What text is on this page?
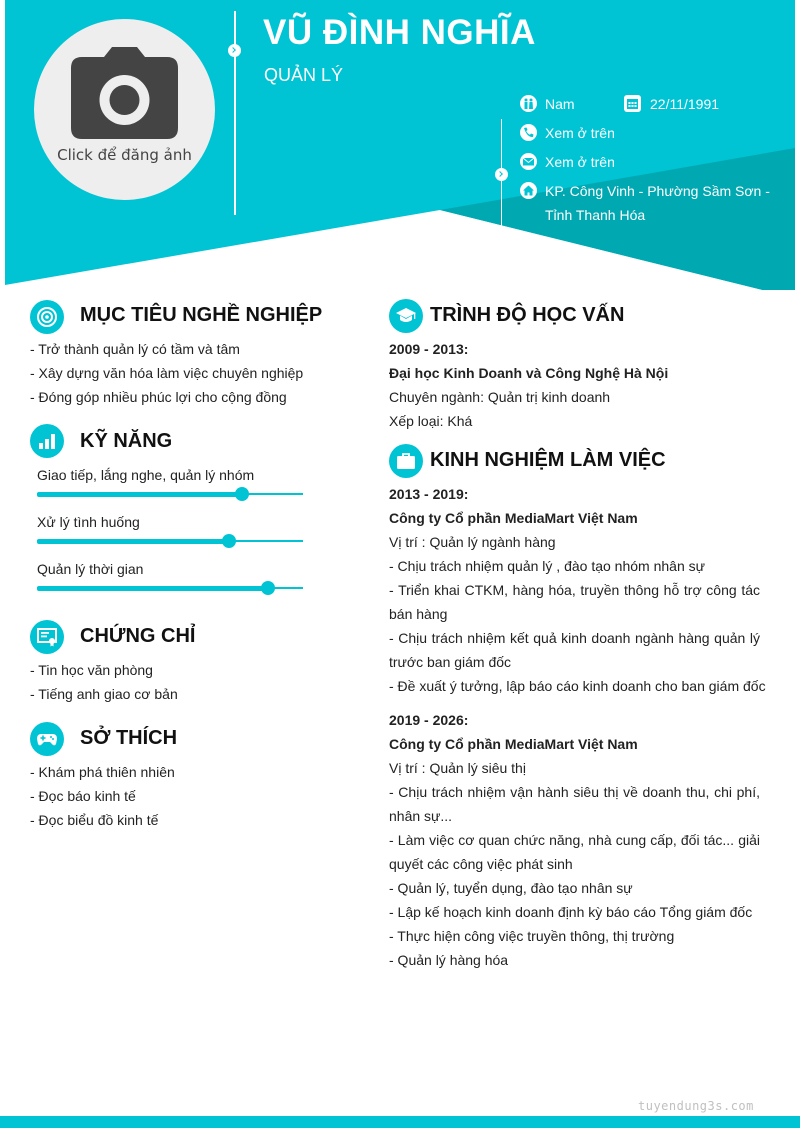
Click để đăng ảnh
VŨ ĐÌNH NGHĨA
QUẢN LÝ
Nam	22/11/1991
Xem ở trên
Xem ở trên
KP. Công Vinh - Phường Sầm Sơn -
Tỉnh Thanh Hóa
MỤC TIÊU NGHỀ NGHIỆP
- Trở thành quản lý có tầm và tâm
- Xây dựng văn hóa làm việc chuyên nghiệp
- Đóng góp nhiều phúc lợi cho cộng đồng
KỸ NĂNG
Giao tiếp, lắng nghe, quản lý nhóm
Xử lý tình huống
Quản lý thời gian
CHỨNG CHỈ
- Tin học văn phòng
- Tiếng anh giao cơ bản
SỞ THÍCH
- Khám phá thiên nhiên
- Đọc báo kinh tế
- Đọc biểu đồ kinh tế
TRÌNH ĐỘ HỌC VẤN
2009 - 2013:
Đại học Kinh Doanh và Công Nghệ Hà Nội
Chuyên ngành: Quản trị kinh doanh
Xếp loại: Khá
KINH NGHIỆM LÀM VIỆC
2013 - 2019:
Công ty Cổ phần MediaMart Việt Nam
Vị trí : Quản lý ngành hàng
- Chịu trách nhiệm quản lý , đào tạo nhóm nhân sự
- Triển khai CTKM, hàng hóa, truyền thông hỗ trợ công tác bán hàng
- Chịu trách nhiệm kết quả kinh doanh ngành hàng quản lý trước ban giám đốc
- Đề xuất ý tưởng, lập báo cáo kinh doanh cho ban giám đốc
2019 - 2026:
Công ty Cổ phần MediaMart Việt Nam
Vị trí : Quản lý siêu thị
- Chịu trách nhiệm vận hành siêu thị về doanh thu, chi phí, nhân sự...
- Làm việc cơ quan chức năng, nhà cung cấp, đối tác... giải quyết các công việc phát sinh
- Quản lý, tuyển dụng, đào tạo nhân sự
- Lập kế hoạch kinh doanh định kỳ báo cáo Tổng giám đốc
- Thực hiện công việc truyền thông, thị trường
- Quản lý hàng hóa
tuyendung3s.com
